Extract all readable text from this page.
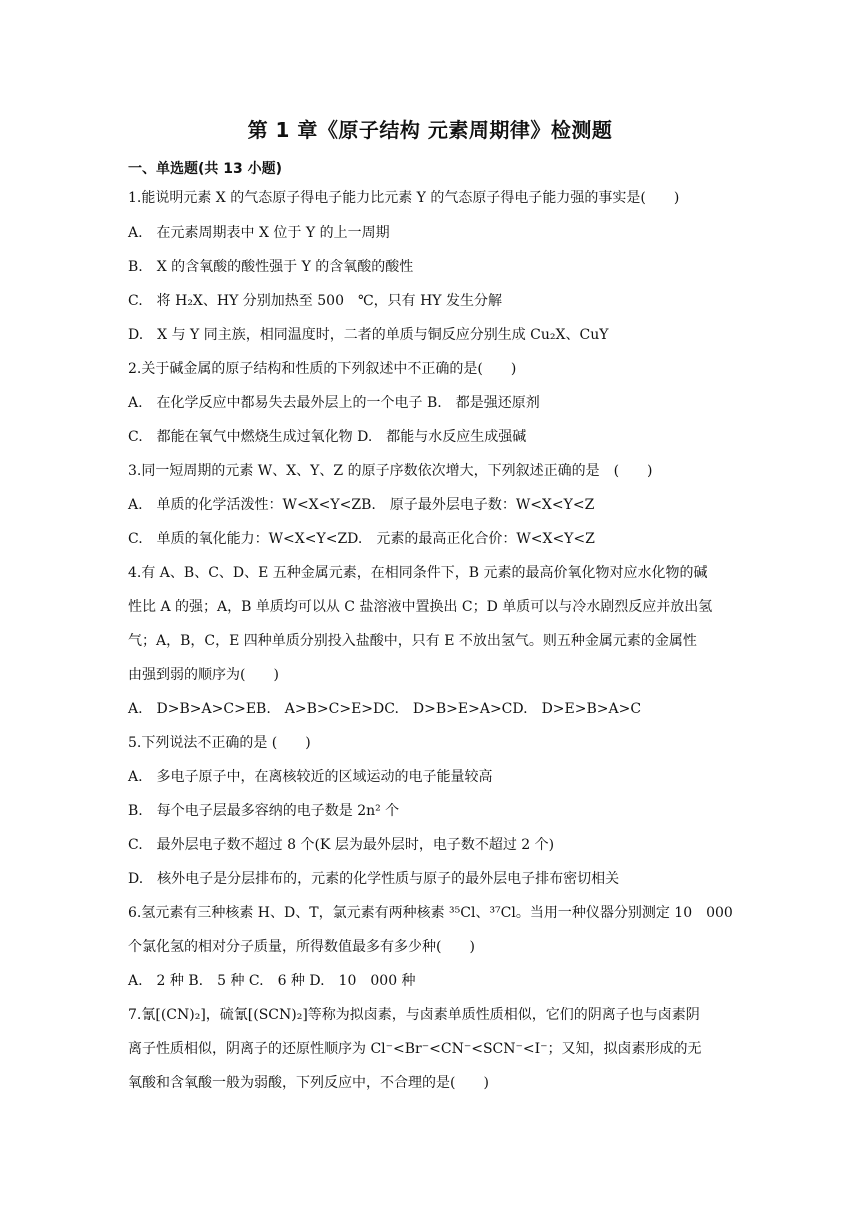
第 1 章《原子结构 元素周期律》检测题
一、单选题(共 13 小题)
1.能说明元素 X 的气态原子得电子能力比元素 Y 的气态原子得电子能力强的事实是(　　)
A.　在元素周期表中 X 位于 Y 的上一周期
B.　X 的含氧酸的酸性强于 Y 的含氧酸的酸性
C.　将 H₂X、HY 分别加热至 500　℃，只有 HY 发生分解
D.　X 与 Y 同主族，相同温度时，二者的单质与铜反应分别生成 Cu₂X、CuY
2.关于碱金属的原子结构和性质的下列叙述中不正确的是(　　)
A.　在化学反应中都易失去最外层上的一个电子 B.　都是强还原剂
C.　都能在氧气中燃烧生成过氧化物 D.　都能与水反应生成强碱
3.同一短周期的元素 W、X、Y、Z 的原子序数依次增大，下列叙述正确的是　(　　)
A.　单质的化学活泼性：W<X<Y<ZB.　原子最外层电子数：W<X<Y<Z
C.　单质的氧化能力：W<X<Y<ZD.　元素的最高正化合价：W<X<Y<Z
4.有 A、B、C、D、E 五种金属元素，在相同条件下，B 元素的最高价氧化物对应水化物的碱
性比 A 的强；A，B 单质均可以从 C 盐溶液中置换出 C；D 单质可以与冷水剧烈反应并放出氢
气；A，B，C，E 四种单质分别投入盐酸中，只有 E 不放出氢气。则五种金属元素的金属性
由强到弱的顺序为(　　)
A.　D>B>A>C>EB.　A>B>C>E>DC.　D>B>E>A>CD.　D>E>B>A>C
5.下列说法不正确的是 (　　)
A.　多电子原子中，在离核较近的区域运动的电子能量较高
B.　每个电子层最多容纳的电子数是 2n² 个
C.　最外层电子数不超过 8 个(K 层为最外层时，电子数不超过 2 个)
D.　核外电子是分层排布的，元素的化学性质与原子的最外层电子排布密切相关
6.氢元素有三种核素 H、D、T，氯元素有两种核素 ³⁵Cl、³⁷Cl。当用一种仪器分别测定 10　000
个氯化氢的相对分子质量，所得数值最多有多少种(　　)
A.　2 种 B.　5 种 C.　6 种 D.　10　000 种
7.氰[(CN)₂]，硫氰[(SCN)₂]等称为拟卤素，与卤素单质性质相似，它们的阴离子也与卤素阴
离子性质相似，阴离子的还原性顺序为 Cl⁻<Br⁻<CN⁻<SCN⁻<I⁻；又知，拟卤素形成的无
氧酸和含氧酸一般为弱酸，下列反应中，不合理的是(　　)
